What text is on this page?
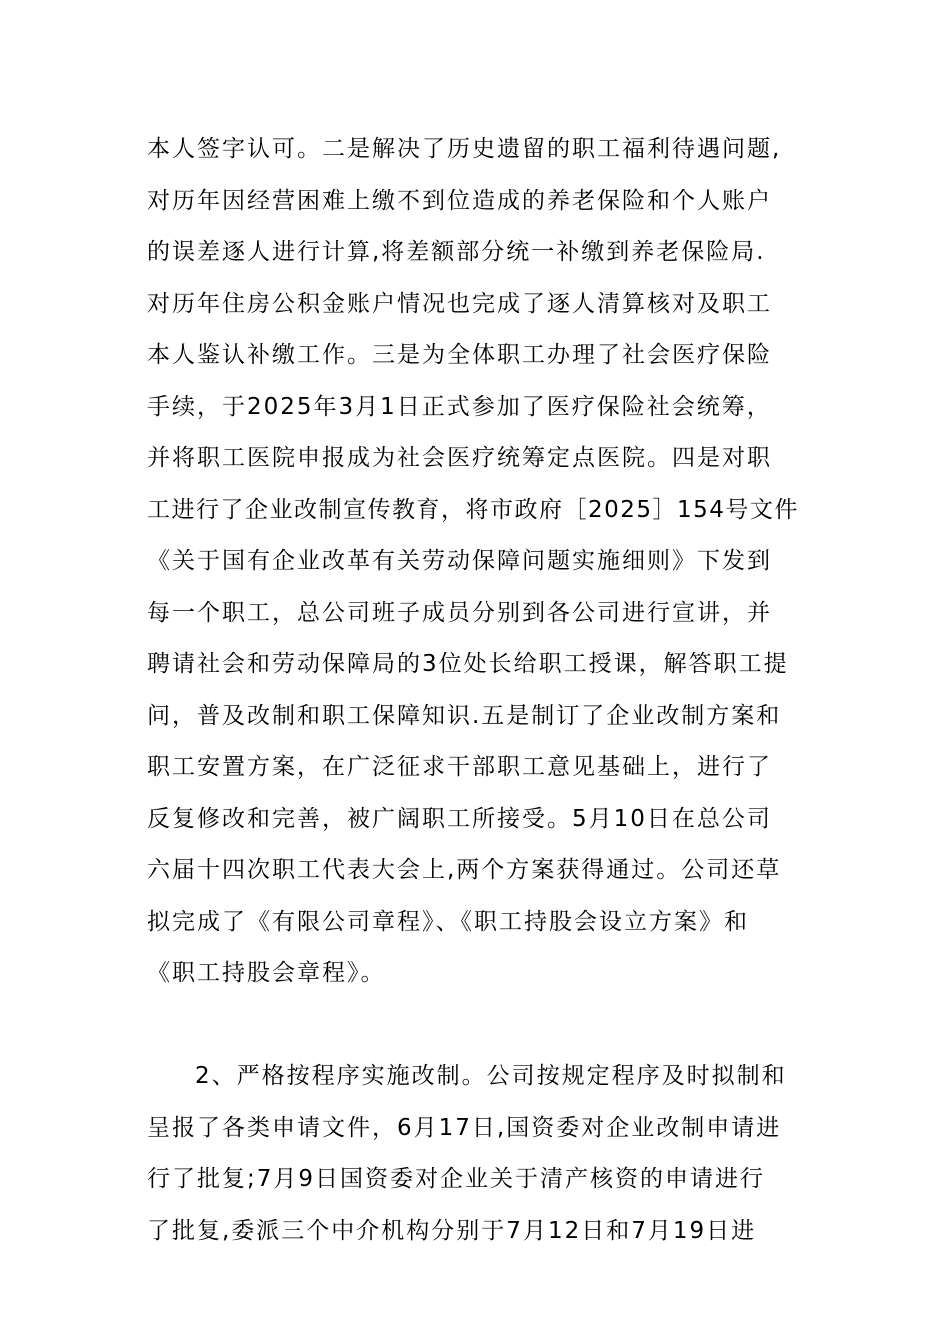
本人签字认可。二是解决了历史遗留的职工福利待遇问题,
对历年因经营困难上缴不到位造成的养老保险和个人账户
的误差逐人进行计算,将差额部分统一补缴到养老保险局.
对历年住房公积金账户情况也完成了逐人清算核对及职工
本人鉴认补缴工作。三是为全体职工办理了社会医疗保险
手续，于2025年3月1日正式参加了医疗保险社会统筹，
并将职工医院申报成为社会医疗统筹定点医院。四是对职
工进行了企业改制宣传教育，将市政府［2025］154号文件
《关于国有企业改革有关劳动保障问题实施细则》下发到
每一个职工，总公司班子成员分别到各公司进行宣讲，并
聘请社会和劳动保障局的3位处长给职工授课，解答职工提
问，普及改制和职工保障知识.五是制订了企业改制方案和
职工安置方案，在广泛征求干部职工意见基础上，进行了
反复修改和完善，被广阔职工所接受。5月10日在总公司
六届十四次职工代表大会上,两个方案获得通过。公司还草
拟完成了《有限公司章程》、《职工持股会设立方案》和
《职工持股会章程》。
2、严格按程序实施改制。公司按规定程序及时拟制和
呈报了各类申请文件，6月17日,国资委对企业改制申请进
行了批复;7月9日国资委对企业关于清产核资的申请进行
了批复,委派三个中介机构分别于7月12日和7月19日进
